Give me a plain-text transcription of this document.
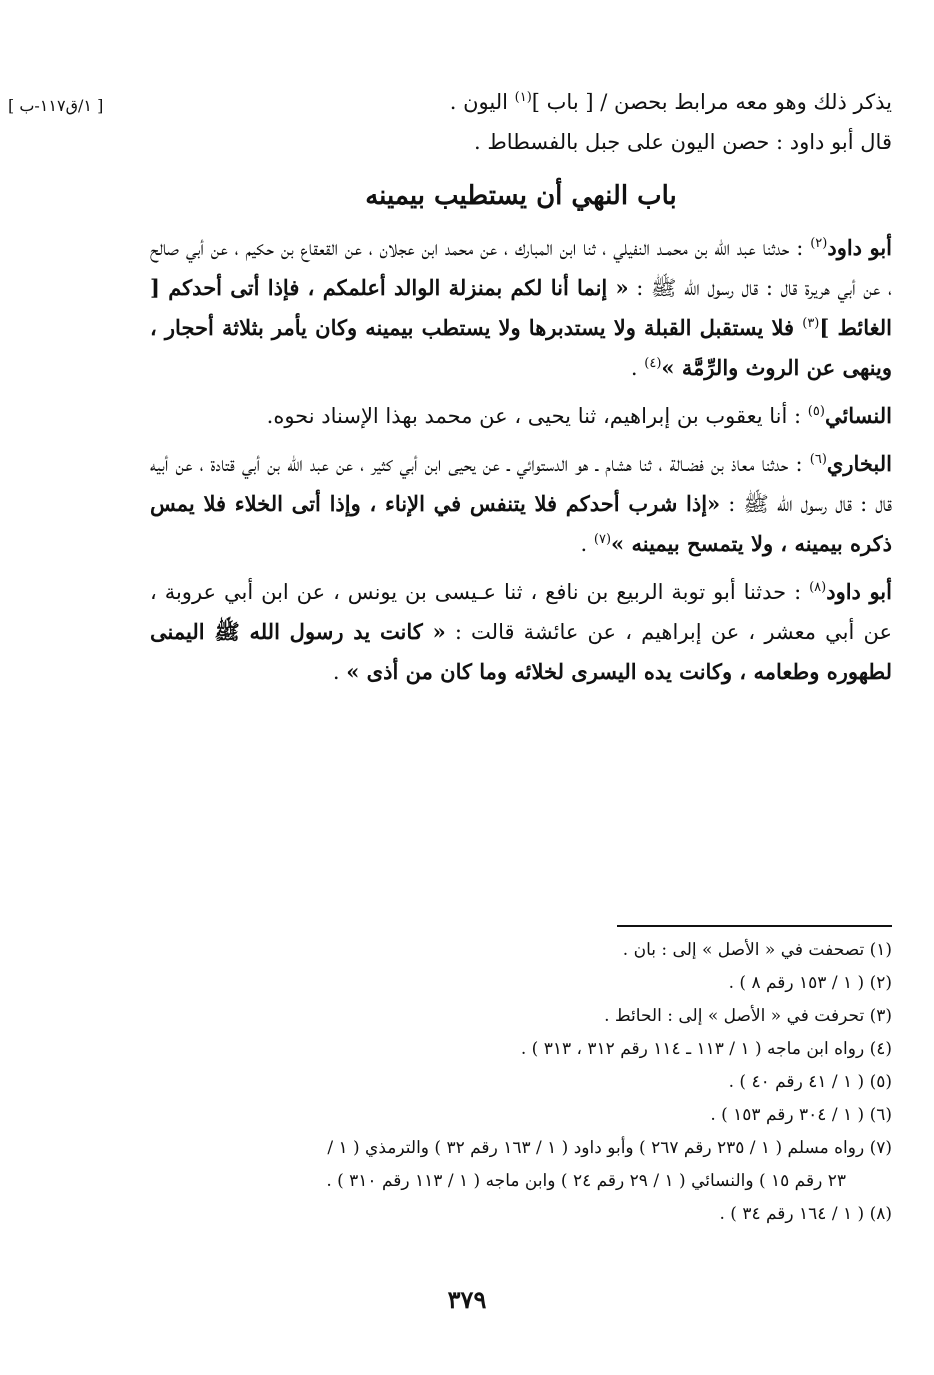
[ ١/ق١١٧-ب ]	يذكر ذلك وهو معه مرابط بحصن / [ باب ]$^{(١)}$ اليون .

قال أبو داود : حصن اليون على جبل بالفسطاط .

باب النهي أن يستطيب بيمينه

أبو داود$^{(٢)}$ : حدثنا عبد الله بن محمـد النفيلي ، ثنا ابن المبارك ، عن محمد ابن عجلان ، عن القعقاع بن حكيم ، عن أبي صالح ، عن أبي هريرة قال : قال رسول الله ﷺ : « إنما أنا لكم بمنزلة الوالد أعلمكم ، فإذا أتى أحدكم [ الغائط ]$^{(٣)}$ فلا يستقبل القبلة ولا يستدبرها ولا يستطب بيمينه وكان يأمر بثلاثة أحجار ، وينهى عن الروث والرِّمَّة »$^{(٤)}$ .

النسائي$^{(٥)}$ : أنا يعقوب بن إبراهيم، ثنا يحيى ، عن محمد بهذا الإسناد نحوه.

البخاري$^{(٦)}$ : حدثنا معاذ بن فضـالة ، ثنا هشام ـ هو الدستوائي ـ عن يحيى ابن أبي كثير ، عن عبد الله بن أبي قتادة ، عن أبيه قال : قال رسول الله ﷺ : «إذا شرب أحدكم فلا يتنفس في الإناء ، وإذا أتى الخلاء فلا يمس ذكره بيمينه ، ولا يتمسح بيمينه »$^{(٧)}$ .

أبو داود$^{(٨)}$ : حدثنا أبو توبة الربيع بن نافع ، ثنا عـيسى بن يونس ، عن ابن أبي عروبة ، عن أبي معشر ، عن إبراهيم ، عن عائشة قالت : « كانت يد رسول الله ﷺ اليمنى لطهوره وطعامه ، وكانت يده اليسرى لخلائه وما كان من أذى » .

(١) تصحفت في « الأصل » إلى : بان .
(٢) ( ١ / ١٥٣ رقم ٨ ) .
(٣) تحرفت في « الأصل » إلى : الحائط .
(٤) رواه ابن ماجه ( ١ / ١١٣ ـ ١١٤ رقم ٣١٢ ، ٣١٣ ) .
(٥) ( ١ / ٤١ رقم ٤٠ ) .
(٦) ( ١ / ٣٠٤ رقم ١٥٣ ) .
(٧) رواه مسلم ( ١ / ٢٣٥ رقم ٢٦٧ ) وأبو داود ( ١ / ١٦٣ رقم ٣٢ ) والترمذي ( ١ /
٢٣ رقم ١٥ ) والنسائي ( ١ / ٢٩ رقم ٢٤ ) وابن ماجه ( ١ / ١١٣ رقم ٣١٠ ) .
(٨) ( ١ / ١٦٤ رقم ٣٤ ) .
٣٧٩
